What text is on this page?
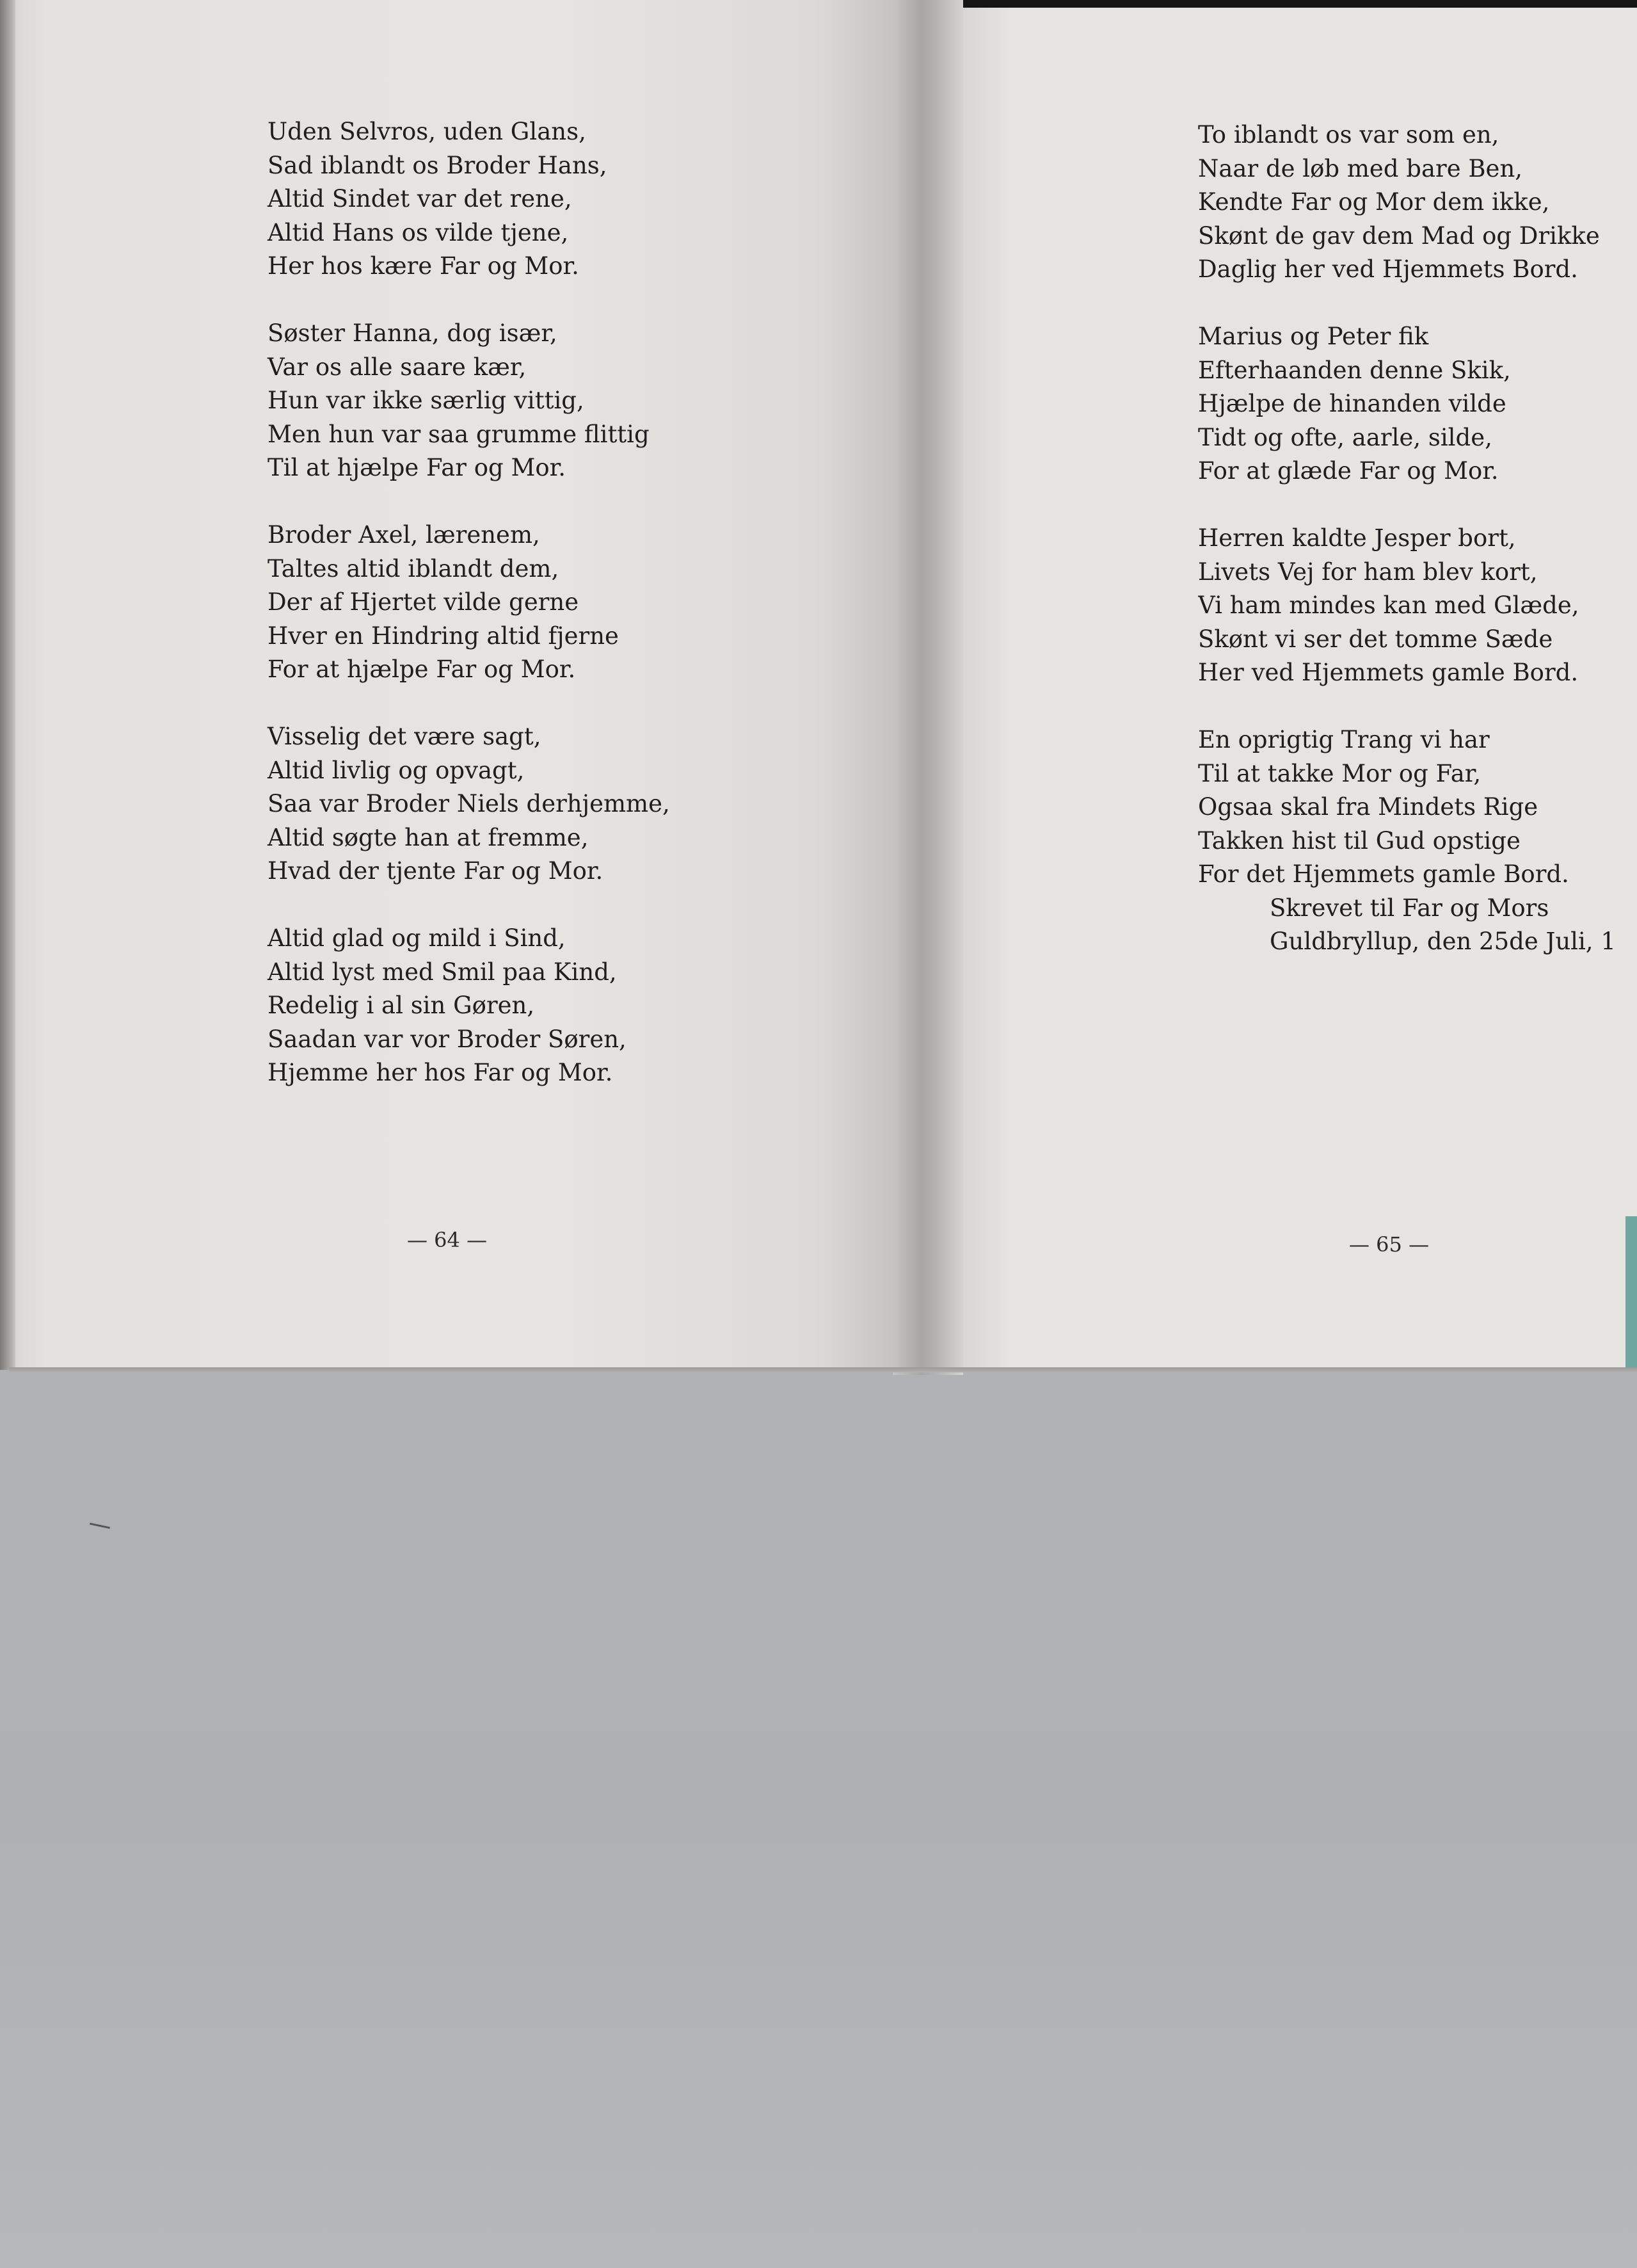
Uden Selvros, uden Glans,
Sad iblandt os Broder Hans,
Altid Sindet var det rene,
Altid Hans os vilde tjene,
Her hos kære Far og Mor.
Søster Hanna, dog især,
Var os alle saare kær,
Hun var ikke særlig vittig,
Men hun var saa grumme flittig
Til at hjælpe Far og Mor.
Broder Axel, lærenem,
Taltes altid iblandt dem,
Der af Hjertet vilde gerne
Hver en Hindring altid fjerne
For at hjælpe Far og Mor.
Visselig det være sagt,
Altid livlig og opvagt,
Saa var Broder Niels derhjemme,
Altid søgte han at fremme,
Hvad der tjente Far og Mor.
Altid glad og mild i Sind,
Altid lyst med Smil paa Kind,
Redelig i al sin Gøren,
Saadan var vor Broder Søren,
Hjemme her hos Far og Mor.
— 64 —
To iblandt os var som en,
Naar de løb med bare Ben,
Kendte Far og Mor dem ikke,
Skønt de gav dem Mad og Drikke
Daglig her ved Hjemmets Bord.
Marius og Peter fik
Efterhaanden denne Skik,
Hjælpe de hinanden vilde
Tidt og ofte, aarle, silde,
For at glæde Far og Mor.
Herren kaldte Jesper bort,
Livets Vej for ham blev kort,
Vi ham mindes kan med Glæde,
Skønt vi ser det tomme Sæde
Her ved Hjemmets gamle Bord.
En oprigtig Trang vi har
Til at takke Mor og Far,
Ogsaa skal fra Mindets Rige
Takken hist til Gud opstige
For det Hjemmets gamle Bord.
Skrevet til Far og Mors
Guldbryllup, den 25de Juli, 1
— 65 —
